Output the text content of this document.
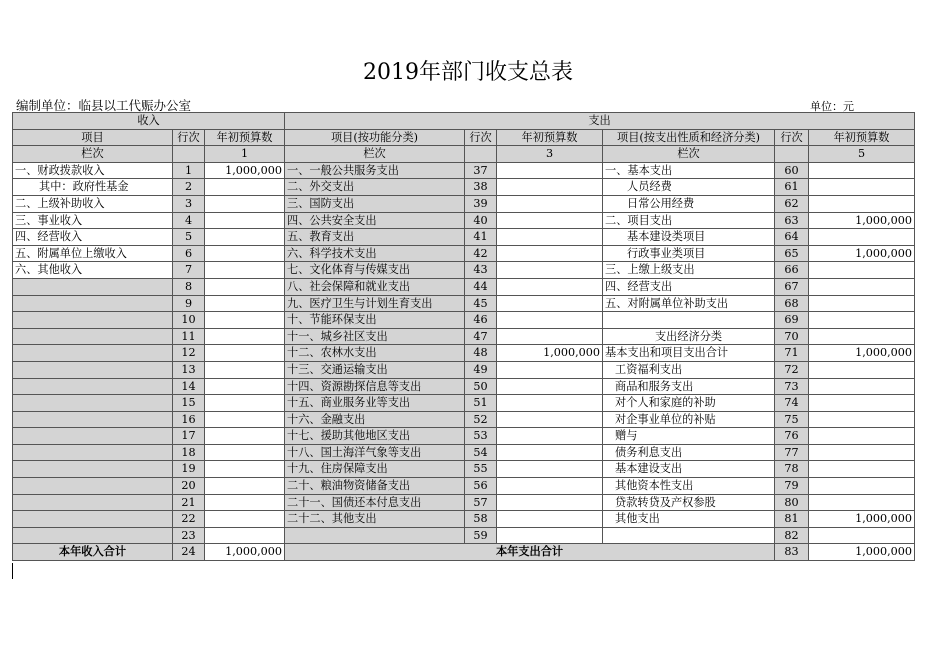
2019年部门收支总表
编制单位：临县以工代赈办公室	单位：元
收入			支出					
项目	行次	年初预算数	项目(按功能分类)	行次	年初预算数	项目(按支出性质和经济分类)	行次	年初预算数
栏次		1	栏次		3	栏次		5
一、财政拨款收入	1	1,000,000	一、一般公共服务支出	37		一、基本支出	60	
其中：政府性基金	2		二、外交支出	38		人员经费	61	
二、上级补助收入	3		三、国防支出	39		日常公用经费	62	
三、事业收入	4		四、公共安全支出	40		二、项目支出	63	1,000,000
四、经营收入	5		五、教育支出	41		基本建设类项目	64	
五、附属单位上缴收入	6		六、科学技术支出	42		行政事业类项目	65	1,000,000
六、其他收入	7		七、文化体育与传媒支出	43		三、上缴上级支出	66	
	8		八、社会保障和就业支出	44		四、经营支出	67	
	9		九、医疗卫生与计划生育支出	45		五、对附属单位补助支出	68	
	10		十、节能环保支出	46			69	
	11		十一、城乡社区支出	47		支出经济分类	70	
	12		十二、农林水支出	48	1,000,000	基本支出和项目支出合计	71	1,000,000
	13		十三、交通运输支出	49		工资福利支出	72	
	14		十四、资源勘探信息等支出	50		商品和服务支出	73	
	15		十五、商业服务业等支出	51		对个人和家庭的补助	74	
	16		十六、金融支出	52		对企事业单位的补贴	75	
	17		十七、援助其他地区支出	53		赠与	76	
	18		十八、国土海洋气象等支出	54		债务利息支出	77	
	19		十九、住房保障支出	55		基本建设支出	78	
	20		二十、粮油物资储备支出	56		其他资本性支出	79	
	21		二十一、国债还本付息支出	57		贷款转贷及产权参股	80	
	22		二十二、其他支出	58		其他支出	81	1,000,000
	23			59			82	
本年收入合计	24	1,000,000	本年支出合计				83	1,000,000
